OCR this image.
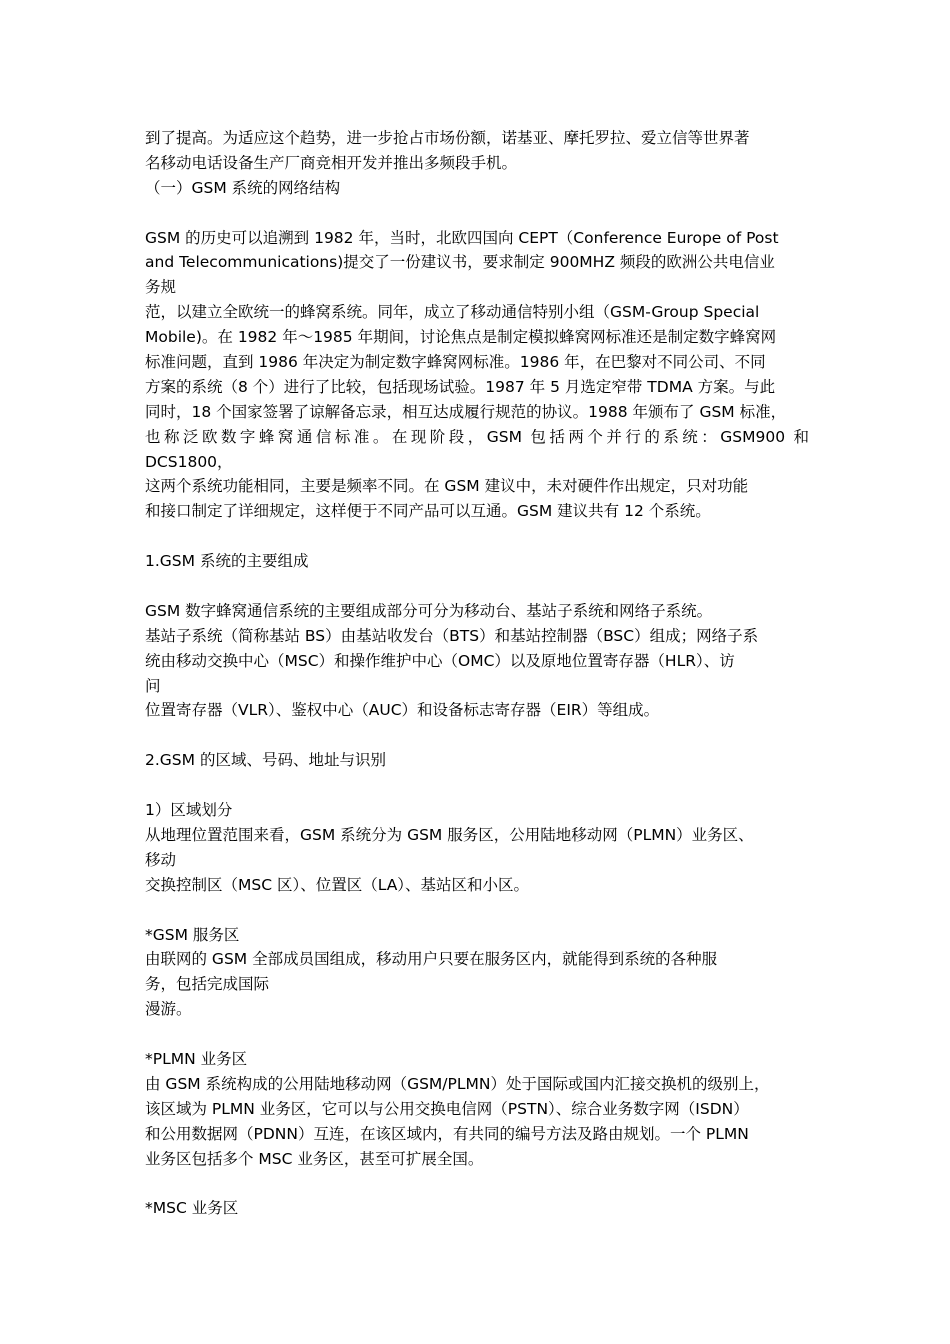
到了提高。为适应这个趋势，进一步抢占市场份额，诺基亚、摩托罗拉、爱立信等世界著
名移动电话设备生产厂商竞相开发并推出多频段手机。
（一）GSM 系统的网络结构
GSM 的历史可以追溯到 1982 年，当时，北欧四国向 CEPT（Conference Europe of Post
and Telecommunications)提交了一份建议书，要求制定 900MHZ 频段的欧洲公共电信业
务规
范，以建立全欧统一的蜂窝系统。同年，成立了移动通信特别小组（GSM-Group Special
Mobile)。在 1982 年～1985 年期间，讨论焦点是制定模拟蜂窝网标准还是制定数字蜂窝网
标准问题，直到 1986 年决定为制定数字蜂窝网标准。1986 年，在巴黎对不同公司、不同
方案的系统（8 个）进行了比较，包括现场试验。1987 年 5 月选定窄带 TDMA 方案。与此
同时，18 个国家签署了谅解备忘录，相互达成履行规范的协议。1988 年颁布了 GSM 标准，
也称泛欧数字蜂窝通信标准。在现阶段，GSM 包括两个并行的系统：GSM900 和
DCS1800，
这两个系统功能相同，主要是频率不同。在 GSM 建议中，未对硬件作出规定，只对功能
和接口制定了详细规定，这样便于不同产品可以互通。GSM 建议共有 12 个系统。
1.GSM 系统的主要组成
GSM 数字蜂窝通信系统的主要组成部分可分为移动台、基站子系统和网络子系统。
基站子系统（简称基站 BS）由基站收发台（BTS）和基站控制器（BSC）组成；网络子系
统由移动交换中心（MSC）和操作维护中心（OMC）以及原地位置寄存器（HLR）、访
问
位置寄存器（VLR）、鉴权中心（AUC）和设备标志寄存器（EIR）等组成。
2.GSM 的区域、号码、地址与识别
1）区域划分
从地理位置范围来看，GSM 系统分为 GSM 服务区，公用陆地移动网（PLMN）业务区、
移动
交换控制区（MSC 区）、位置区（LA）、基站区和小区。
*GSM 服务区
由联网的 GSM 全部成员国组成，移动用户只要在服务区内，就能得到系统的各种服
务，包括完成国际
漫游。
*PLMN 业务区
由 GSM 系统构成的公用陆地移动网（GSM/PLMN）处于国际或国内汇接交换机的级别上，
该区域为 PLMN 业务区，它可以与公用交换电信网（PSTN）、综合业务数字网（ISDN）
和公用数据网（PDNN）互连，在该区域内，有共同的编号方法及路由规划。一个 PLMN
业务区包括多个 MSC 业务区，甚至可扩展全国。
*MSC 业务区
